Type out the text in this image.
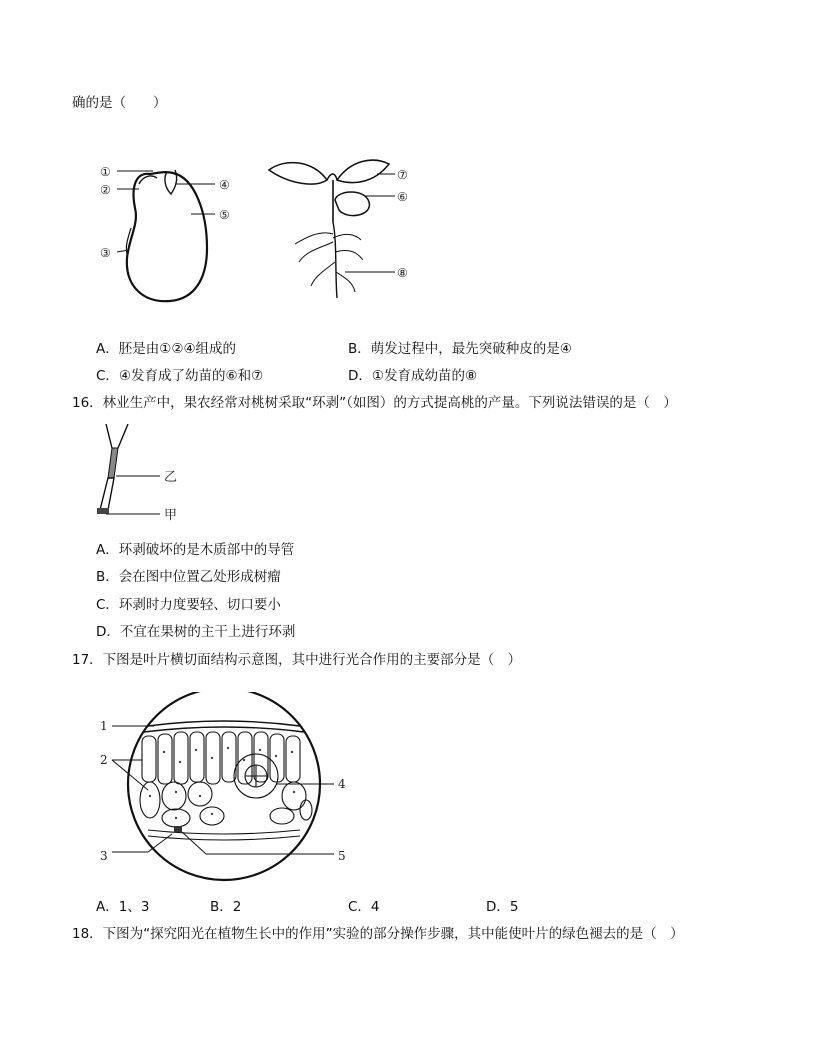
确的是（　　）
①
②
③
④
⑤
⑦
⑥
⑧
A．胚是由①②④组成的	B．萌发过程中，最先突破种皮的是④
C．④发育成了幼苗的⑥和⑦	D．①发育成幼苗的⑧
16．林业生产中，果农经常对桃树采取“环剥”（如图）的方式提高桃的产量。下列说法错误的是（　）
乙
甲
A．环剥破坏的是木质部中的导管
B．会在图中位置乙处形成树瘤
C．环剥时力度要轻、切口要小
D．不宜在果树的主干上进行环剥
17．下图是叶片横切面结构示意图，其中进行光合作用的主要部分是（　）
1
2
3
4
5
A．1、3	B．2	C．4	D．5
18．下图为“探究阳光在植物生长中的作用”实验的部分操作步骤，其中能使叶片的绿色褪去的是（　）
